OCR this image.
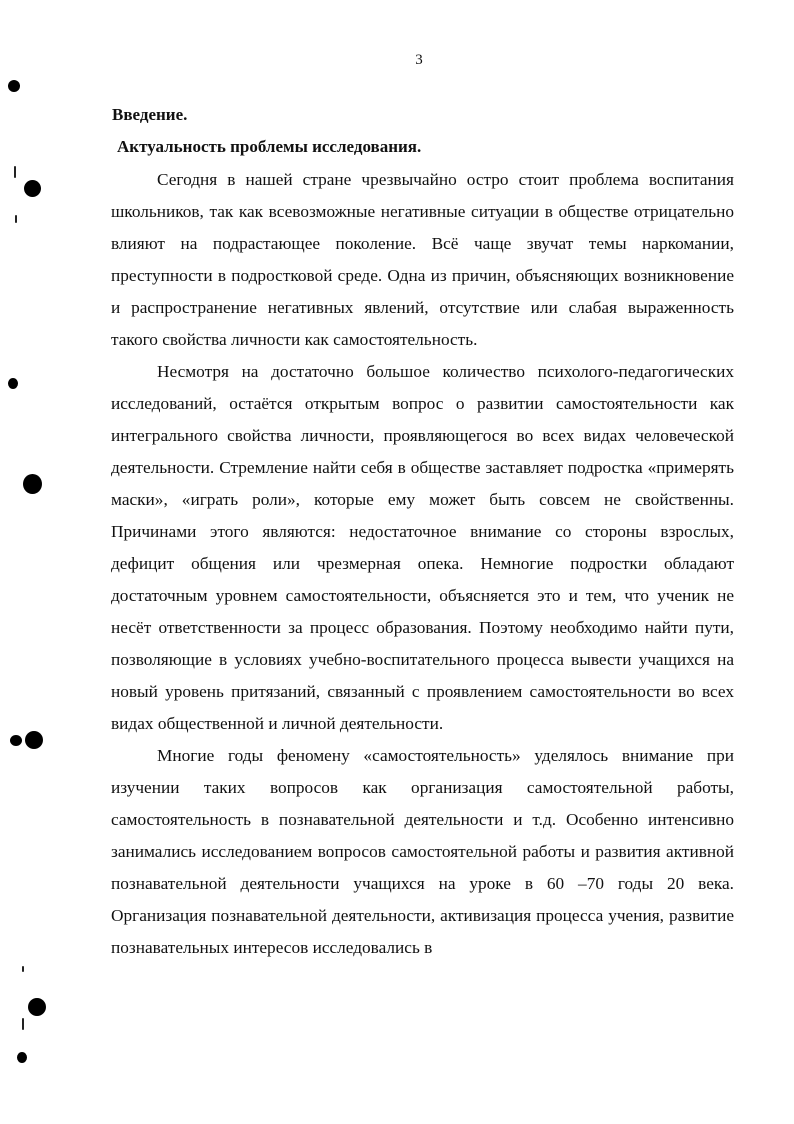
3
Введение.
Актуальность проблемы исследования.

Сегодня в нашей стране чрезвычайно остро стоит проблема воспитания школьников, так как всевозможные негативные ситуации в обществе отрицательно влияют на подрастающее поколение. Всё чаще звучат темы наркомании, преступности в подростковой среде. Одна из причин, объясняющих возникновение и распространение негативных явлений, отсутствие или слабая выраженность такого свойства личности как самостоятельность.

Несмотря на достаточно большое количество психолого-педагогических исследований, остаётся открытым вопрос о развитии самостоятельности как интегрального свойства личности, проявляющегося во всех видах человеческой деятельности. Стремление найти себя в обществе заставляет подростка «примерять маски», «играть роли», которые ему может быть совсем не свойственны. Причинами этого являются: недостаточное внимание со стороны взрослых, дефицит общения или чрезмерная опека. Немногие подростки обладают достаточным уровнем самостоятельности, объясняется это и тем, что ученик не несёт ответственности за процесс образования. Поэтому необходимо найти пути, позволяющие в условиях учебно-воспитательного процесса вывести учащихся на новый уровень притязаний, связанный с проявлением самостоятельности во всех видах общественной и личной деятельности.

Многие годы феномену «самостоятельность» уделялось внимание при изучении таких вопросов как организация самостоятельной работы, самостоятельность в познавательной деятельности и т.д. Особенно интенсивно занимались исследованием вопросов самостоятельной работы и развития активной познавательной деятельности учащихся на уроке в 60 –70 годы 20 века. Организация познавательной деятельности, активизация процесса учения, развитие познавательных интересов исследовались в
